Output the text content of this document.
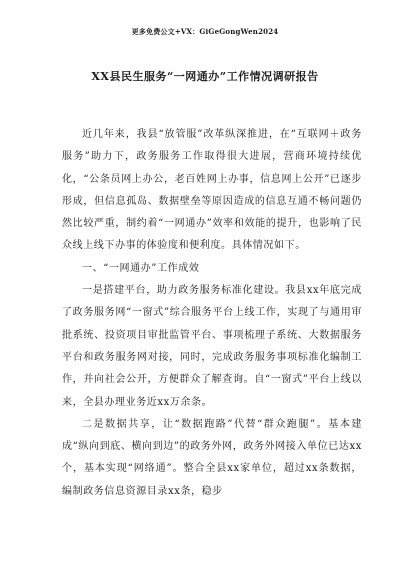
更多免费公文+VX：GiGeGongWen2024
XX县民生服务“一网通办”工作情况调研报告

近几年来，我县“放管服”改革纵深推进，在“互联网＋政务服务”助力下，政务服务工作取得很大进展，营商环境持续优化，“公条员网上办公，老百姓网上办事，信息网上公开”已逐步形成，但信息孤岛、数据壁垒等原因造成的信息互通不畅问题仍然比较严重，制约着“一网通办”效率和效能的提升，也影响了民众线上线下办事的体验度和便利度。具体情况如下。

一、“一网通办”工作成效

一是搭建平台，助力政务服务标准化建设。我县xx年底完成了政务服务网“一窗式”综合服务平台上线工作，实现了与通用审批系统、投资项目审批监管平台、事项梳理子系统、大数据服务平台和政务服务网对接，同时，完成政务服务事项标准化编制工作，并向社会公开，方便群众了解查询。自“一窗式”平台上线以来，全县办理业务近xx万余条。

二是数据共享，让“数据跑路”代替“群众跑腿”。基本建成“纵向到底、横向到边”的政务外网，政务外网接入单位已达xx个，基本实现“网络通”。整合全县xx家单位，超过xx条数据，编制政务信息资源目录xx条，稳步
